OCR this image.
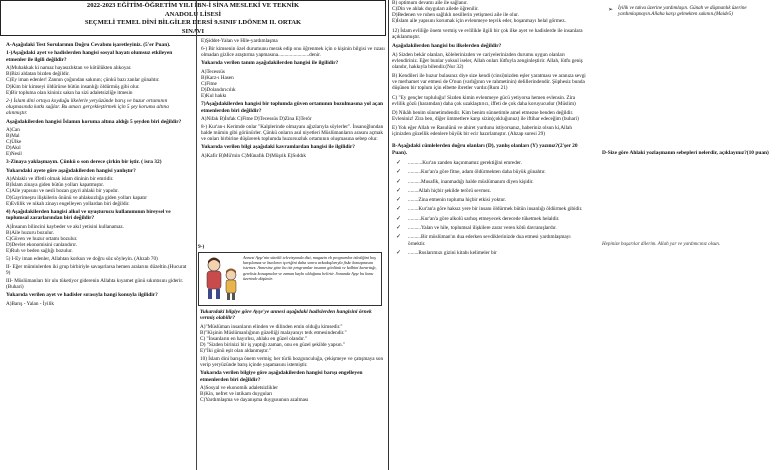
2022-2023 EĞİTİM-ÖĞRETİM YILI İBN-İ SİNA MESLEKİ VE TEKNİK
ANADOLU LİSESİ
SEÇMELİ TEMEL DİNİ BİLGİLER DERSİ 9.SINIF I.DÖNEM II. ORTAK
SINAVI
A-Aşağıdaki Test Sorularının Doğru Cevabını işaretleyiniz. (5'er Puan).
1-)Aşağıdaki ayet ve hadislerden hangisi sosyal hayatı olumsuz etkileyen etmenler ile ilgili değildir?
A)Muhakkak ki namaz hayasızlıktan ve kötülükten alıkoyar.
B)Bizi aldatan bizden değildir.
C)Ey iman edenler! Zannın çoğundan sakının; çünkü bazı zanlar günahtır.
D)Kim bir kimseyi öldürürse bütün insanlığı öldürmüş gibi olur.
E)Bir topluma olan kininiz sakın ha sizi adaletsizliğe itmesin
2-) İslam dini ortaya koyduğu ilkelerle yeryüzünde barış ve huzur ortamının oluşmasında katkı sağlar. Bu amacı gerçekleştirmek için 5 şey koruma altına alınmıştır.
Aşağıdakilerden hangisi İslamın koruma altına aldığı 5 şeyden biri değildir?
A)Can
B)Mal
C)Ülke
D)Akıl
E)Nesil
3-Zinaya yaklaşmayın. Çünkü o son derece çirkin bir iştir. ( isra 32)
Yukarıdaki ayete göre aşağıdakilerden hangisi yanlıştır?
A)Ahlaklı ve iffetli olmak islam dininin bir emridir.
B)İslam zinaya giden bütün yolları kapatmıştır.
C)Aile yapısını ve nesli bozan gayri ahlaki bir yapıdır.
D)Gayrimeşru ilişkilerin önünü ve ahlaksızlığa giden yolları kapatır
E)Evlilik ve nikah zinayı engelleyen yollardan biri değildir.
4) Aşağıdakilerden hangisi alkol ve uyuşturucu kullanımının bireysel ve toplumsal zararlarından biri değildir?
A)İnsanın bilincini kaybeder ve akıl yetisini kullanamaz.
B)Aile huzuru bozulur.
C)Güven ve huzur ortamı bozulur.
D)Devlet ekonomisini canlandırır.
E)Ruh ve beden sağlığı bozulur.
5) I-Ey iman edenler, Allahtan korkun ve doğru söz söyleyin. (Ahzab 70)
II- Eğer müminlerden iki grup birbiriyle savaşırlarsa hemen aralarını düzeltin.(Hucurat 9)
III- Müslümanları bir ulu tüketiyor giderenin Allahta kıyamet günü sıkıntısını giderir.(Buhari)
Yukarıda verilen ayet ve hadisler sırasıyla hangi konuyla ilgilidir?
A)Barış - Yalan - İyilik
E)Şiddet-Yalan ve Hile-yardımlaşma
6-) Bir kimsenin özel durumunu merak edip onu öğrenmek için o kişinin bilgisi ve rızası olmadan gizlice araştırma yapmasına........................denir.
Yukarıda verilen tanım aşağıdakilerden hangisi ile ilgilidir?
A)Tecessüs
B)Karz-ı Hasen
C)Fitne
D)Dolandırıcılık
E)Kul hakkı
7)Aşağıdakilerden hangisi bir toplumda güven ortamının bozulmasına yol açan etmenlerden biri değildir?
A)Nifak B)İnfak C)Fitne D)Tecessüs D)Zina E)Terör
8-) Kur'an-ı Kerimde onlar "Kalplerinde olmayanı ağızlarıyla söylerler". İnsanoğlundan halde mümin gibi görünürler. Çünkü onların asıl niyetleri Müslümanların arasını açmak ve onları birbirine düşürerek toplumda huzursuzluk ortamının oluşmasına sebep olur.
Yukarıda verilen bilgi aşağıdaki kavramlardan hangisi ile ilgilidir?
A)Kafir B)Mü'min C)Münafık D)Müşrik E)Sıddık
9-)
Annesi Ayşe'nin sürekli televizyonda dizi, magazin vb programlar izlediğini hoş karşılamaz ve bunların içeriğini daha sonra arkadaşlarıyla fiske konuşmasını istemez. Annesine göre bu tür programlar insanın gönlünü ve kalbini kararttığı, gereksiz konuşmalar ve zaman kaybı olduğunu belirtir. Sonunda Ayşe bu konu üzerinde düşünür.
Yukarıdaki bilgiye göre Ayşe'ye annesi aşağıdaki hadislerden hangisini örnek vermiş olabilir?
A)"Müslüman insanların elinden ve dilinden emin olduğu kimsedir."
B)"Kişinin Müslümanlığının güzelliği malayanıyı terk etmesindendir."
C) "İnsanların en hayırlısı, ahlakı en güzel olandır."
D) "Sizden birinizi bir iş yaptığı zaman, onu en güzel şekilde yapsın."
E)"İki günü eşit olan aldanmıştır."
10) İslam dini barışa önem vermiş; her türlü bozgunculuğa, çekişmeye ve çatışmaya son verip yeryüzünde barış içinde yaşamasını istemiştir.
Yukarıda verilen bilgiye göre aşağıdakilerden hangisi barışı engelleyen etmenlerden biri değildir?
A)Sosyal ve ekonomik adaletsizlikler
B)Kin, nefret ve intikam duyguları
C)Yardımlaşma ve dayanışma duygusunun azalması
B) optimum devamı aile ile sağlanır.
C)Din ve ahlak duyguları ailede öğrenilir.
D)Bedenen ve ruhen sağlıklı nesillerin yetişmesi aile ile olur.
E)İslam aile yapısını korumak için evlenmeye teşvik eder, boşanmayı helal görmez.
12) İslam evliliğe önem vermiş ve evlilikle ilgili bir çok ilke ayet ve hadislerde ile insanlara açıklanmıştır.
Aşağıdakilerden hangisi bu ilkelerden değildir?
A) Sizden bekâr olanları, kölelerinizden ve cariyelerinizden durumu uygun olanları evlendiriniz. Eğer bunlar yoksul iseler, Allah onları lütfuyla zenginleştirir. Allah, lütfu geniş olandır, hakkıyla bilendir.(Nur 32)
B) Kendileri ile huzur bulasınız diye size kendi (cinsi)nizden eşler yaratması ve aranıza sevgi ve merhamet var etmesi de O'nun (varlığının ve rahmetinin) delillerindendir. Şüphesiz bunda düşünen bir toplum için elbette ibretler vardır.(Rum 21)
C) "Ey gençler topluluğu! Sizden kimin evlenmeye gücü yetiyorsa hemen evlensin. Zira evlilik gözü (haramdan) daha çok uzaklaştırıcı, iffeti de çok daha koruyucudur (Müslim)
D) Nikâh benim sünnetimdendir. Kim benim sünnetimle amel etmezse benden değildir. Evleniniz! Zira ben, diğer ümmetlere karşı sizin(çokluğunuz) ile iftihar edeceğim (buhari)
E) Yok eğer Allah ve Rasulünü ve ahiret yurdunu istiyorsanız, haberiniz olsun ki,Allah içinizden güzellik edenlere büyük bir ecir hazırlamıştır. (Ahzap suresi 29)
B-Aşağıdaki cümlelerden doğru olanları (D), yanlış olanları (Y) yazınız?(2'şer 20 Puan).
✓	...........Kur'an zanden kaçınmamız gerektiğini emreder.
✓	..........Kur'an'a göre fitne, adam öldürmekten daha büyük günahtır.
✓	..........Musafik, inanmadığı halde müslümanım diyen kişidir.
✓	........Allah hiçbir şekilde terörü sevmez.
✓	........Zina etmenin topluma hiçbir etkisi yoktur.
✓	........Kur'an'a göre haksız yere bir insanı öldürmek bütün insanlığı öldürmek gibidir.
✓	..........Kur'an'a göre alkolü sarhoş etmeyecek derecede tüketmek helaldir.
✓	..........Yalan ve hile, toplumsal ilişkilere zarar veren kötü davranışlardır.
✓	..........Bir müslüman'ın dua ederken sevdiklerinizde dua etmesi yardımlaşmayı örnektir.
✓	........Ruslarımızı gizini kitabı kelimeler bir
➢ İyilik ve takva üzerine yardımlaşın. Günah ve düşmanlık üzerine yardımlaşmayın.Allaha karşı gelmekten sakının.(Maide5)
D-Size göre Ahlaki yozlaşmanın sebepleri nelerdir, açıklayınız?(10 puan)
Hepinize başarılar dilerim. Allah yar ve yardımcınız olsun.
